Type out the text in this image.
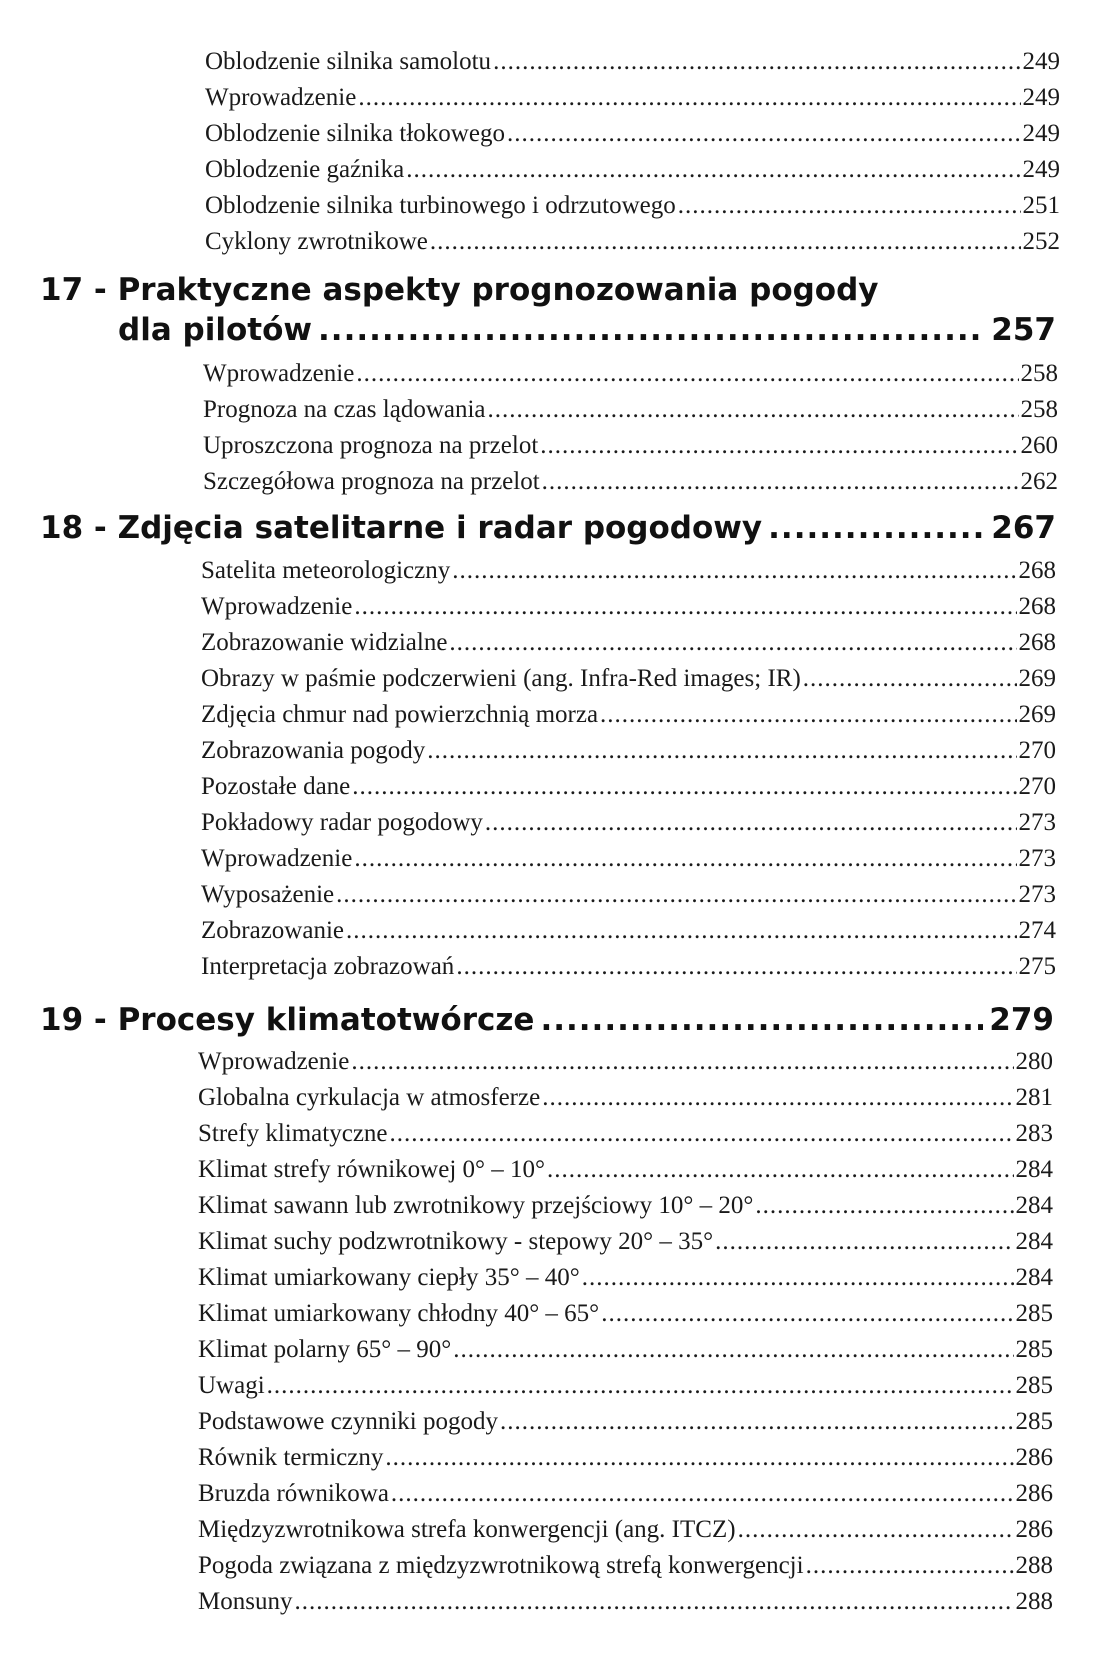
Oblodzenie silnika samolotu .....	249
Wprowadzenie .....	249
Oblodzenie silnika tłokowego .....	249
Oblodzenie gaźnika .....	249
Oblodzenie silnika turbinowego i odrzutowego .....	251
Cyklony zwrotnikowe .....	252
17 - Praktyczne aspekty prognozowania pogody
dla pilotów .....	257
Wprowadzenie .....	258
Prognoza na czas lądowania .....	258
Uproszczona prognoza na przelot .....	260
Szczegółowa prognoza na przelot .....	262
18 - Zdjęcia satelitarne i radar pogodowy .....	267
Satelita meteorologiczny .....	268
Wprowadzenie .....	268
Zobrazowanie widzialne .....	268
Obrazy w paśmie podczerwieni (ang. Infra-Red images; IR) .....	269
Zdjęcia chmur nad powierzchnią morza .....	269
Zobrazowania pogody .....	270
Pozostałe dane .....	270
Pokładowy radar pogodowy .....	273
Wprowadzenie .....	273
Wyposażenie .....	273
Zobrazowanie .....	274
Interpretacja zobrazowań .....	275
19 - Procesy klimatotwórcze .....	279
Wprowadzenie .....	280
Globalna cyrkulacja w atmosferze .....	281
Strefy klimatyczne .....	283
Klimat strefy równikowej 0° – 10° .....	284
Klimat sawann lub zwrotnikowy przejściowy 10° – 20° .....	284
Klimat suchy podzwrotnikowy - stepowy 20° – 35° .....	284
Klimat umiarkowany ciepły 35° – 40° .....	284
Klimat umiarkowany chłodny 40° – 65° .....	285
Klimat polarny 65° – 90° .....	285
Uwagi .....	285
Podstawowe czynniki pogody .....	285
Równik termiczny .....	286
Bruzda równikowa .....	286
Międzyzwrotnikowa strefa konwergencji (ang. ITCZ) .....	286
Pogoda związana z międzyzwrotnikową strefą konwergencji .....	288
Monsuny .....	288
